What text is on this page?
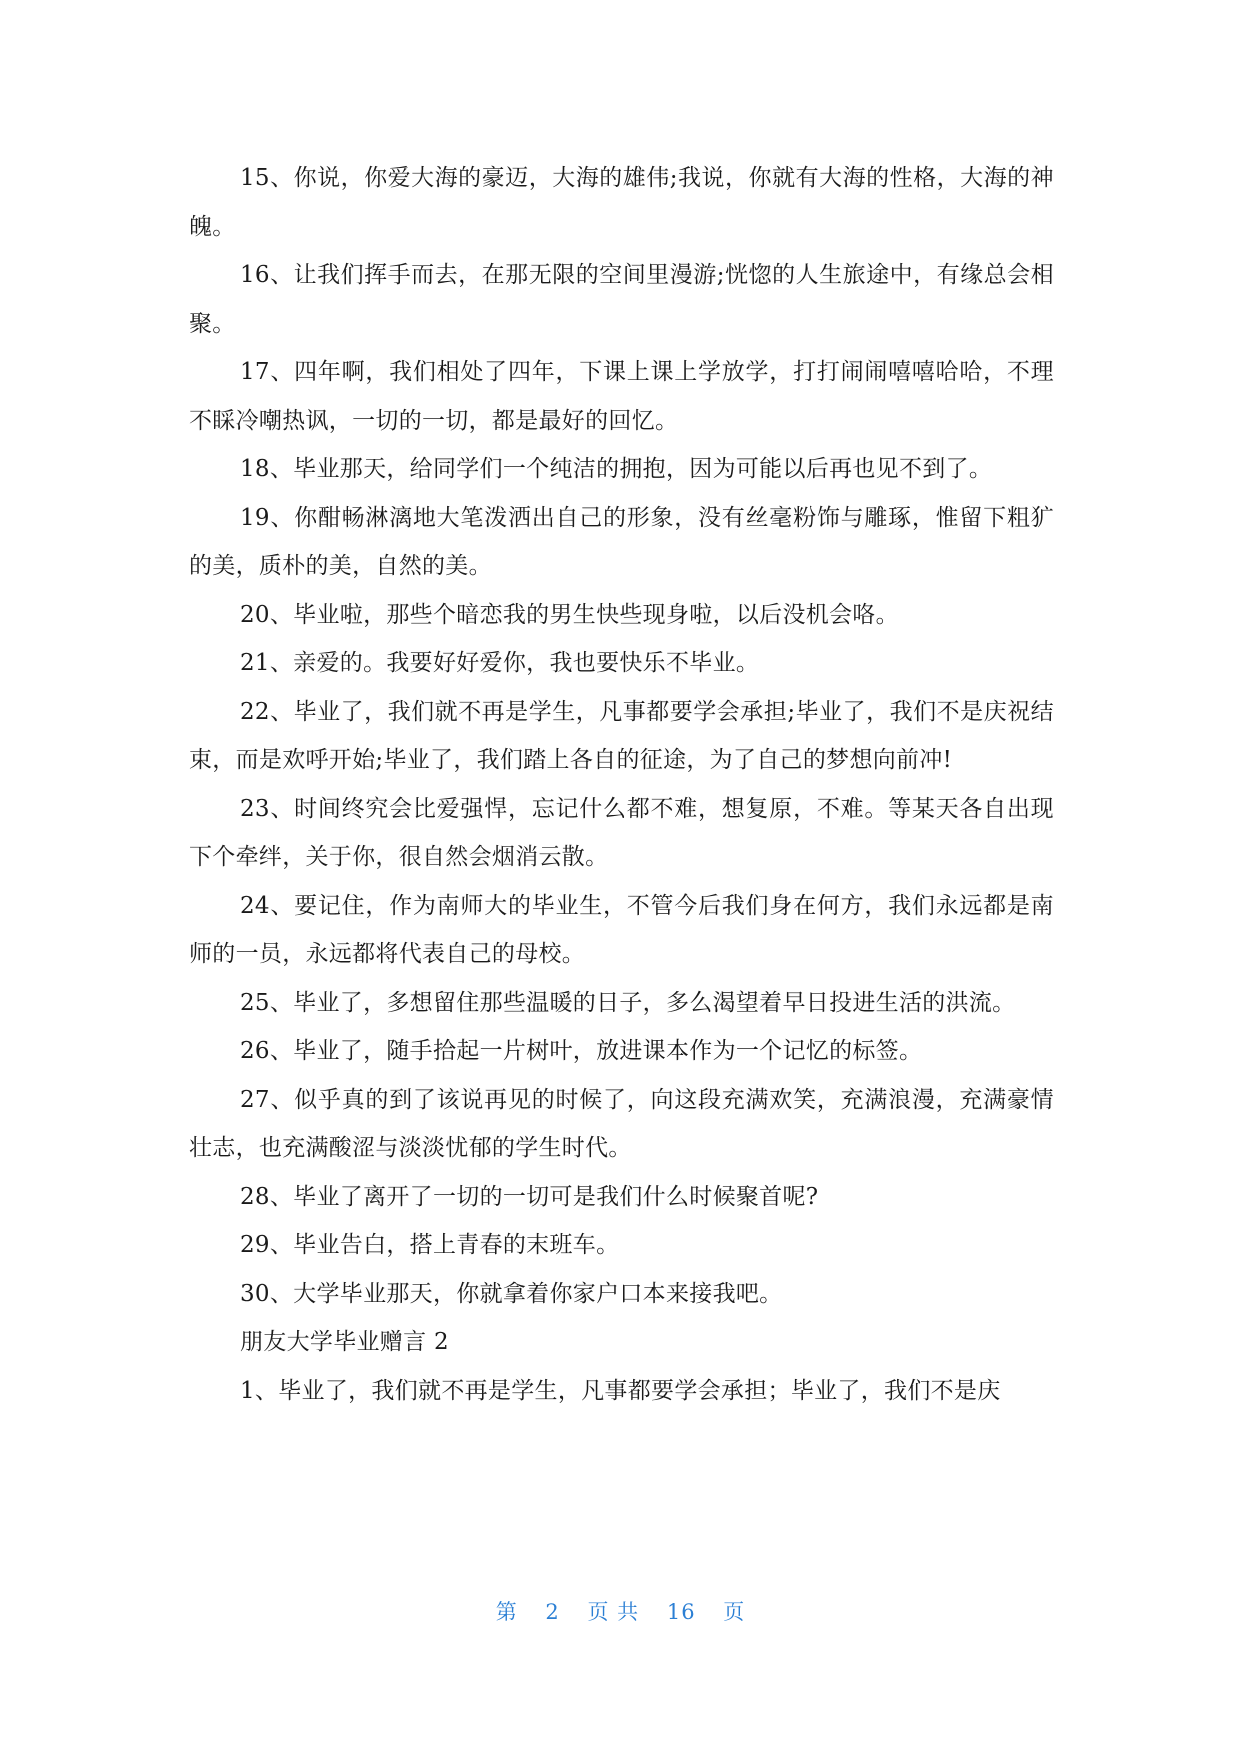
15、你说，你爱大海的豪迈，大海的雄伟;我说，你就有大海的性格，大海的神魄。

16、让我们挥手而去，在那无限的空间里漫游;恍惚的人生旅途中，有缘总会相聚。

17、四年啊，我们相处了四年，下课上课上学放学，打打闹闹嘻嘻哈哈，不理不睬冷嘲热讽，一切的一切，都是最好的回忆。

18、毕业那天，给同学们一个纯洁的拥抱，因为可能以后再也见不到了。

19、你酣畅淋漓地大笔泼洒出自己的形象，没有丝毫粉饰与雕琢，惟留下粗犷的美，质朴的美，自然的美。

20、毕业啦，那些个暗恋我的男生快些现身啦，以后没机会咯。

21、亲爱的。我要好好爱你，我也要快乐不毕业。

22、毕业了，我们就不再是学生，凡事都要学会承担;毕业了，我们不是庆祝结束，而是欢呼开始;毕业了，我们踏上各自的征途，为了自己的梦想向前冲!

23、时间终究会比爱强悍，忘记什么都不难，想复原，不难。等某天各自出现下个牵绊，关于你，很自然会烟消云散。

24、要记住，作为南师大的毕业生，不管今后我们身在何方，我们永远都是南师的一员，永远都将代表自己的母校。

25、毕业了，多想留住那些温暖的日子，多么渴望着早日投进生活的洪流。

26、毕业了，随手拾起一片树叶，放进课本作为一个记忆的标签。

27、似乎真的到了该说再见的时候了，向这段充满欢笑，充满浪漫，充满豪情壮志，也充满酸涩与淡淡忧郁的学生时代。

28、毕业了离开了一切的一切可是我们什么时候聚首呢?

29、毕业告白，搭上青春的末班车。

30、大学毕业那天，你就拿着你家户口本来接我吧。

朋友大学毕业赠言 2

1、毕业了，我们就不再是学生，凡事都要学会承担；毕业了，我们不是庆

第 2 页 共 16 页
